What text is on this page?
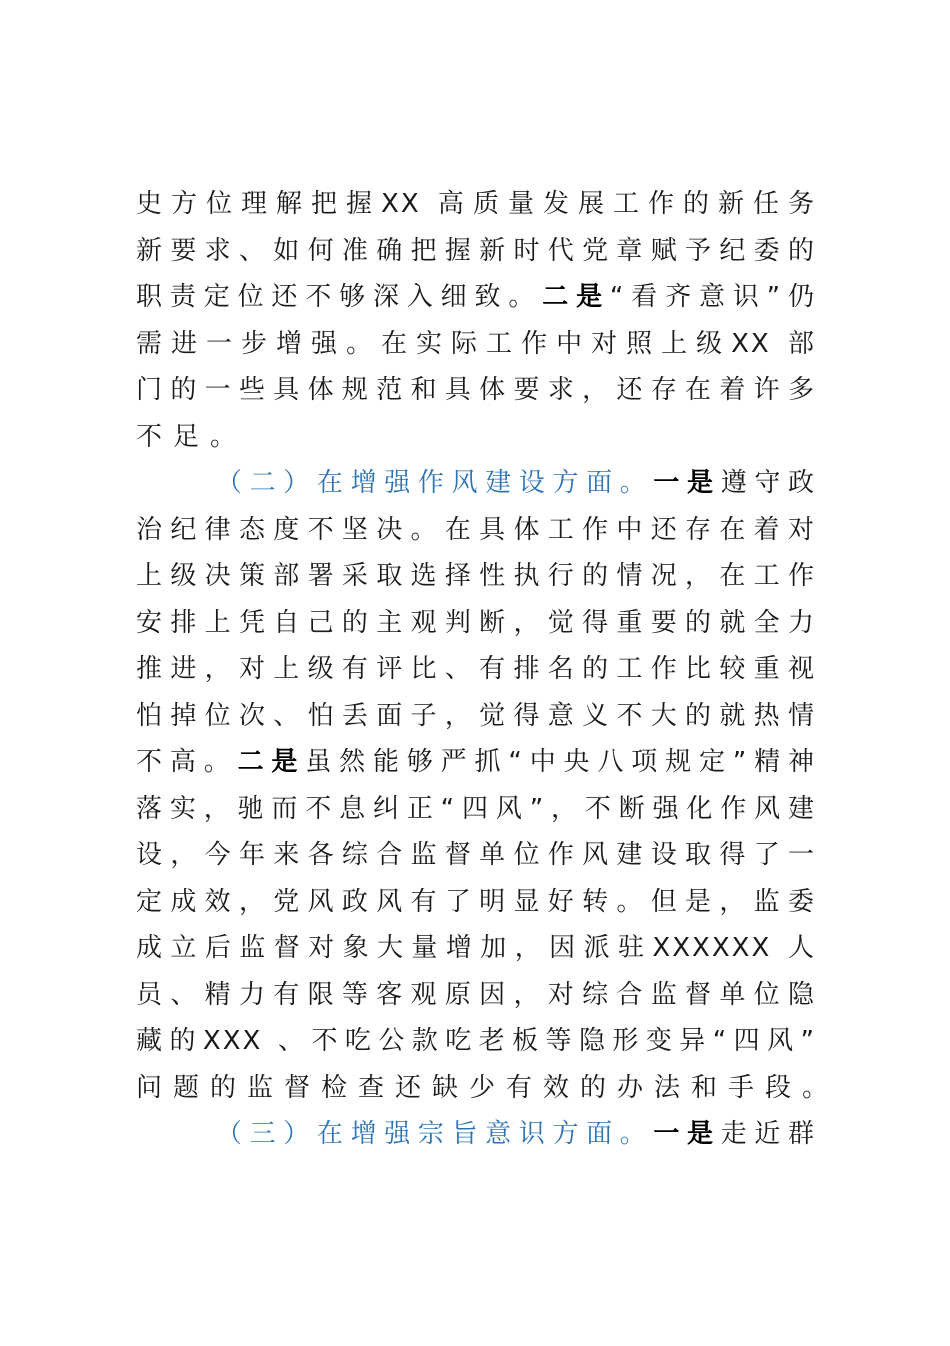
史方位理解把握XX 高质量发展工作的新任务
新要求、如何准确把握新时代党章赋予纪委的
职责定位还不够深入细致。二是“看齐意识”仍
需进一步增强。在实际工作中对照上级XX 部
门的一些具体规范和具体要求，还存在着许多
不足。
（二）在增强作风建设方面。一是遵守政
治纪律态度不坚决。在具体工作中还存在着对
上级决策部署采取选择性执行的情况，在工作
安排上凭自己的主观判断，觉得重要的就全力
推进，对上级有评比、有排名的工作比较重视
怕掉位次、怕丢面子，觉得意义不大的就热情
不高。二是虽然能够严抓“中央八项规定”精神
落实，驰而不息纠正“四风”，不断强化作风建
设，今年来各综合监督单位作风建设取得了一
定成效，党风政风有了明显好转。但是，监委
成立后监督对象大量增加，因派驻XXXXXX 人
员、精力有限等客观原因，对综合监督单位隐
藏的XXX 、不吃公款吃老板等隐形变异“四风”
问题的监督检查还缺少有效的办法和手段。
（三）在增强宗旨意识方面。一是走近群
